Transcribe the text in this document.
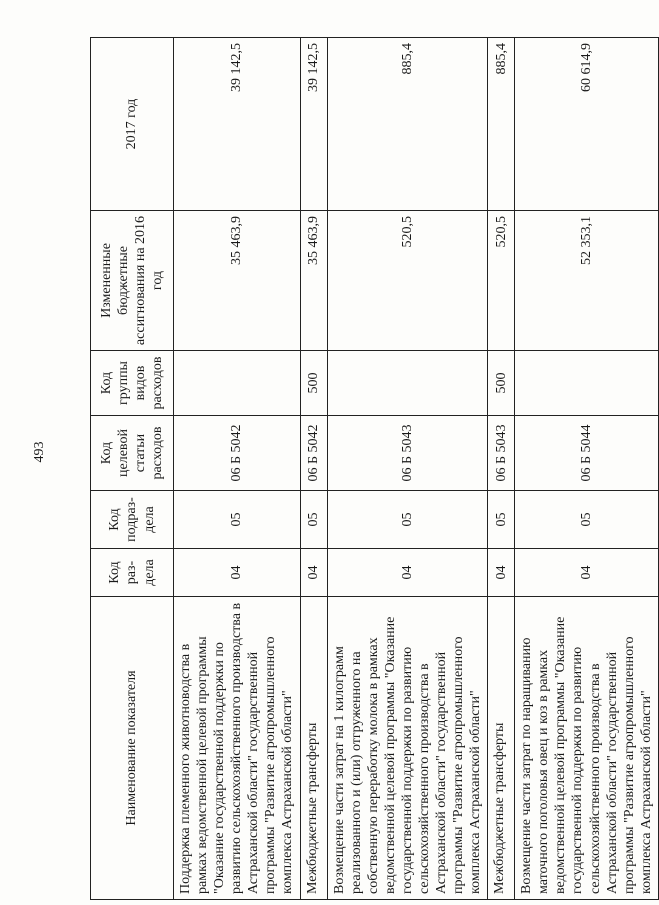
493
Наименование показателя	Код раз-дела	Код подраз-дела	Код целевой статьи расходов	Код группы видов расходов	Измененные бюджетные ассигнования на 2016 год	2017 год
Поддержка племенного животноводства в рамках ведомственной целевой программы "Оказание государственной поддержки по развитию сельскохозяйственного производства в Астраханской области" государственной программы "Развитие агропромышленного комплекса Астраханской области"	04	05	06 Б 5042		35 463,9	39 142,5
Межбюджетные трансферты	04	05	06 Б 5042	500	35 463,9	39 142,5
Возмещение части затрат на 1 килограмм реализованного и (или) отгруженного на собственную переработку молока в рамках ведомственной целевой программы "Оказание государственной поддержки по развитию сельскохозяйственного производства в Астраханской области" государственной программы "Развитие агропромышленного комплекса Астраханской области"	04	05	06 Б 5043		520,5	885,4
Межбюджетные трансферты	04	05	06 Б 5043	500	520,5	885,4
Возмещение части затрат по наращиванию маточного поголовья овец и коз в рамках ведомственной целевой программы "Оказание государственной поддержки по развитию сельскохозяйственного производства в Астраханской области" государственной программы "Развитие агропромышленного комплекса Астраханской области"	04	05	06 Б 5044		52 353,1	60 614,9
